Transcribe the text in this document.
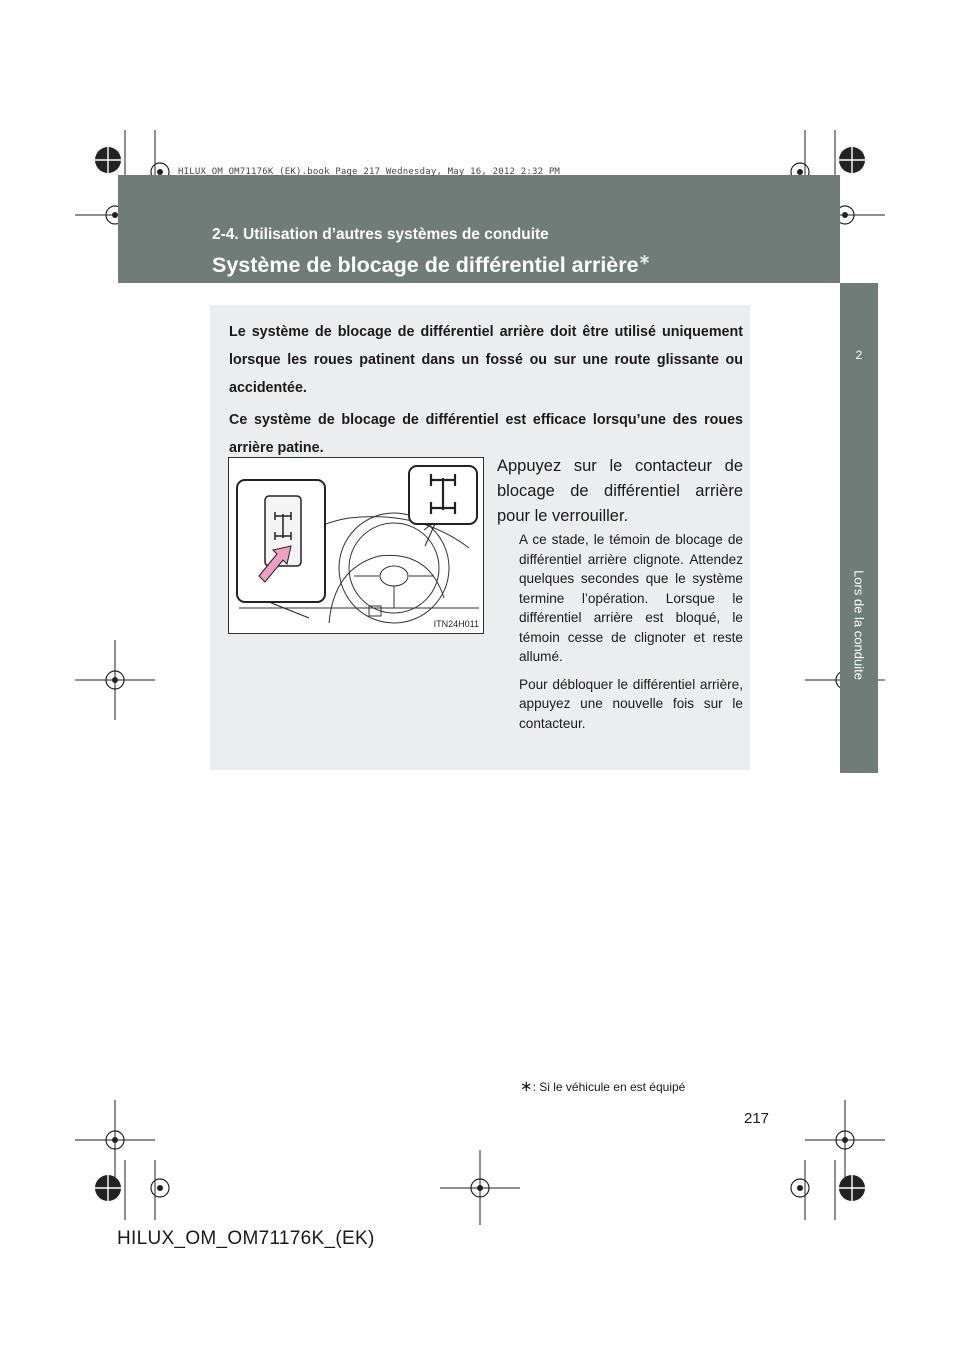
2
Lors de la conduite
HILUX_OM_OM71176K_(EK).book Page 217 Wednesday, May 16, 2012 2:32 PM
2-4. Utilisation d’autres systèmes de conduite
Système de blocage de différentiel arrière∗

Le système de blocage de différentiel arrière doit être utilisé uniquement lorsque les roues patinent dans un fossé ou sur une route glissante ou accidentée.

Ce système de blocage de différentiel est efficace lorsqu’une des roues arrière patine.

ITN24H011
Appuyez sur le contacteur de blocage de différentiel arrière pour le verrouiller.

A ce stade, le témoin de blocage de différentiel arrière clignote. Attendez quelques secondes que le système termine l’opération. Lorsque le différentiel arrière est bloqué, le témoin cesse de clignoter et reste allumé.

Pour débloquer le différentiel arrière, appuyez une nouvelle fois sur le contacteur.

∗: Si le véhicule en est équipé
217
HILUX_OM_OM71176K_(EK)
